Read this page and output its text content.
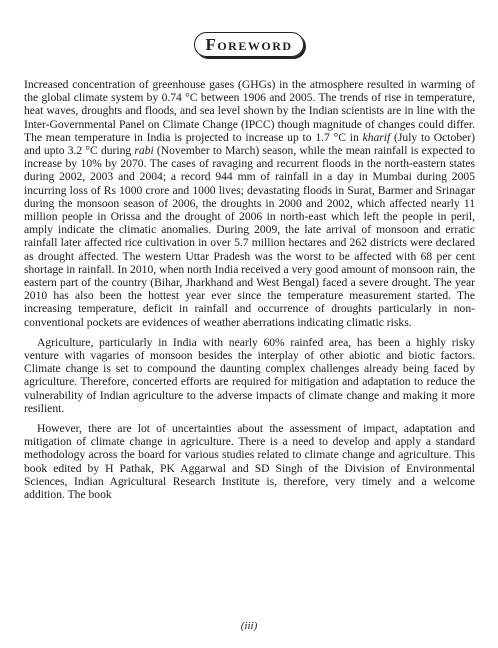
Foreword

Increased concentration of greenhouse gases (GHGs) in the atmosphere resulted in warming of the global climate system by 0.74 °C between 1906 and 2005. The trends of rise in temperature, heat waves, droughts and floods, and sea level shown by the Indian scientists are in line with the Inter-Governmental Panel on Climate Change (IPCC) though magnitude of changes could differ. The mean temperature in India is projected to increase up to 1.7 °C in kharif (July to October) and upto 3.2 °C during rabi (November to March) season, while the mean rainfall is expected to increase by 10% by 2070. The cases of ravaging and recurrent floods in the north-eastern states during 2002, 2003 and 2004; a record 944 mm of rainfall in a day in Mumbai during 2005 incurring loss of Rs 1000 crore and 1000 lives; devastating floods in Surat, Barmer and Srinagar during the monsoon season of 2006, the droughts in 2000 and 2002, which affected nearly 11 million people in Orissa and the drought of 2006 in north-east which left the people in peril, amply indicate the climatic anomalies. During 2009, the late arrival of monsoon and erratic rainfall later affected rice cultivation in over 5.7 million hectares and 262 districts were declared as drought affected. The western Uttar Pradesh was the worst to be affected with 68 per cent shortage in rainfall. In 2010, when north India received a very good amount of monsoon rain, the eastern part of the country (Bihar, Jharkhand and West Bengal) faced a severe drought. The year 2010 has also been the hottest year ever since the temperature measurement started. The increasing temperature, deficit in rainfall and occurrence of droughts particularly in non-conventional pockets are evidences of weather aberrations indicating climatic risks.

Agriculture, particularly in India with nearly 60% rainfed area, has been a highly risky venture with vagaries of monsoon besides the interplay of other abiotic and biotic factors. Climate change is set to compound the daunting complex challenges already being faced by agriculture. Therefore, concerted efforts are required for mitigation and adaptation to reduce the vulnerability of Indian agriculture to the adverse impacts of climate change and making it more resilient.

However, there are lot of uncertainties about the assessment of impact, adaptation and mitigation of climate change in agriculture. There is a need to develop and apply a standard methodology across the board for various studies related to climate change and agriculture. This book edited by H Pathak, PK Aggarwal and SD Singh of the Division of Environmental Sciences, Indian Agricultural Research Institute is, therefore, very timely and a welcome addition. The book

(iii)
